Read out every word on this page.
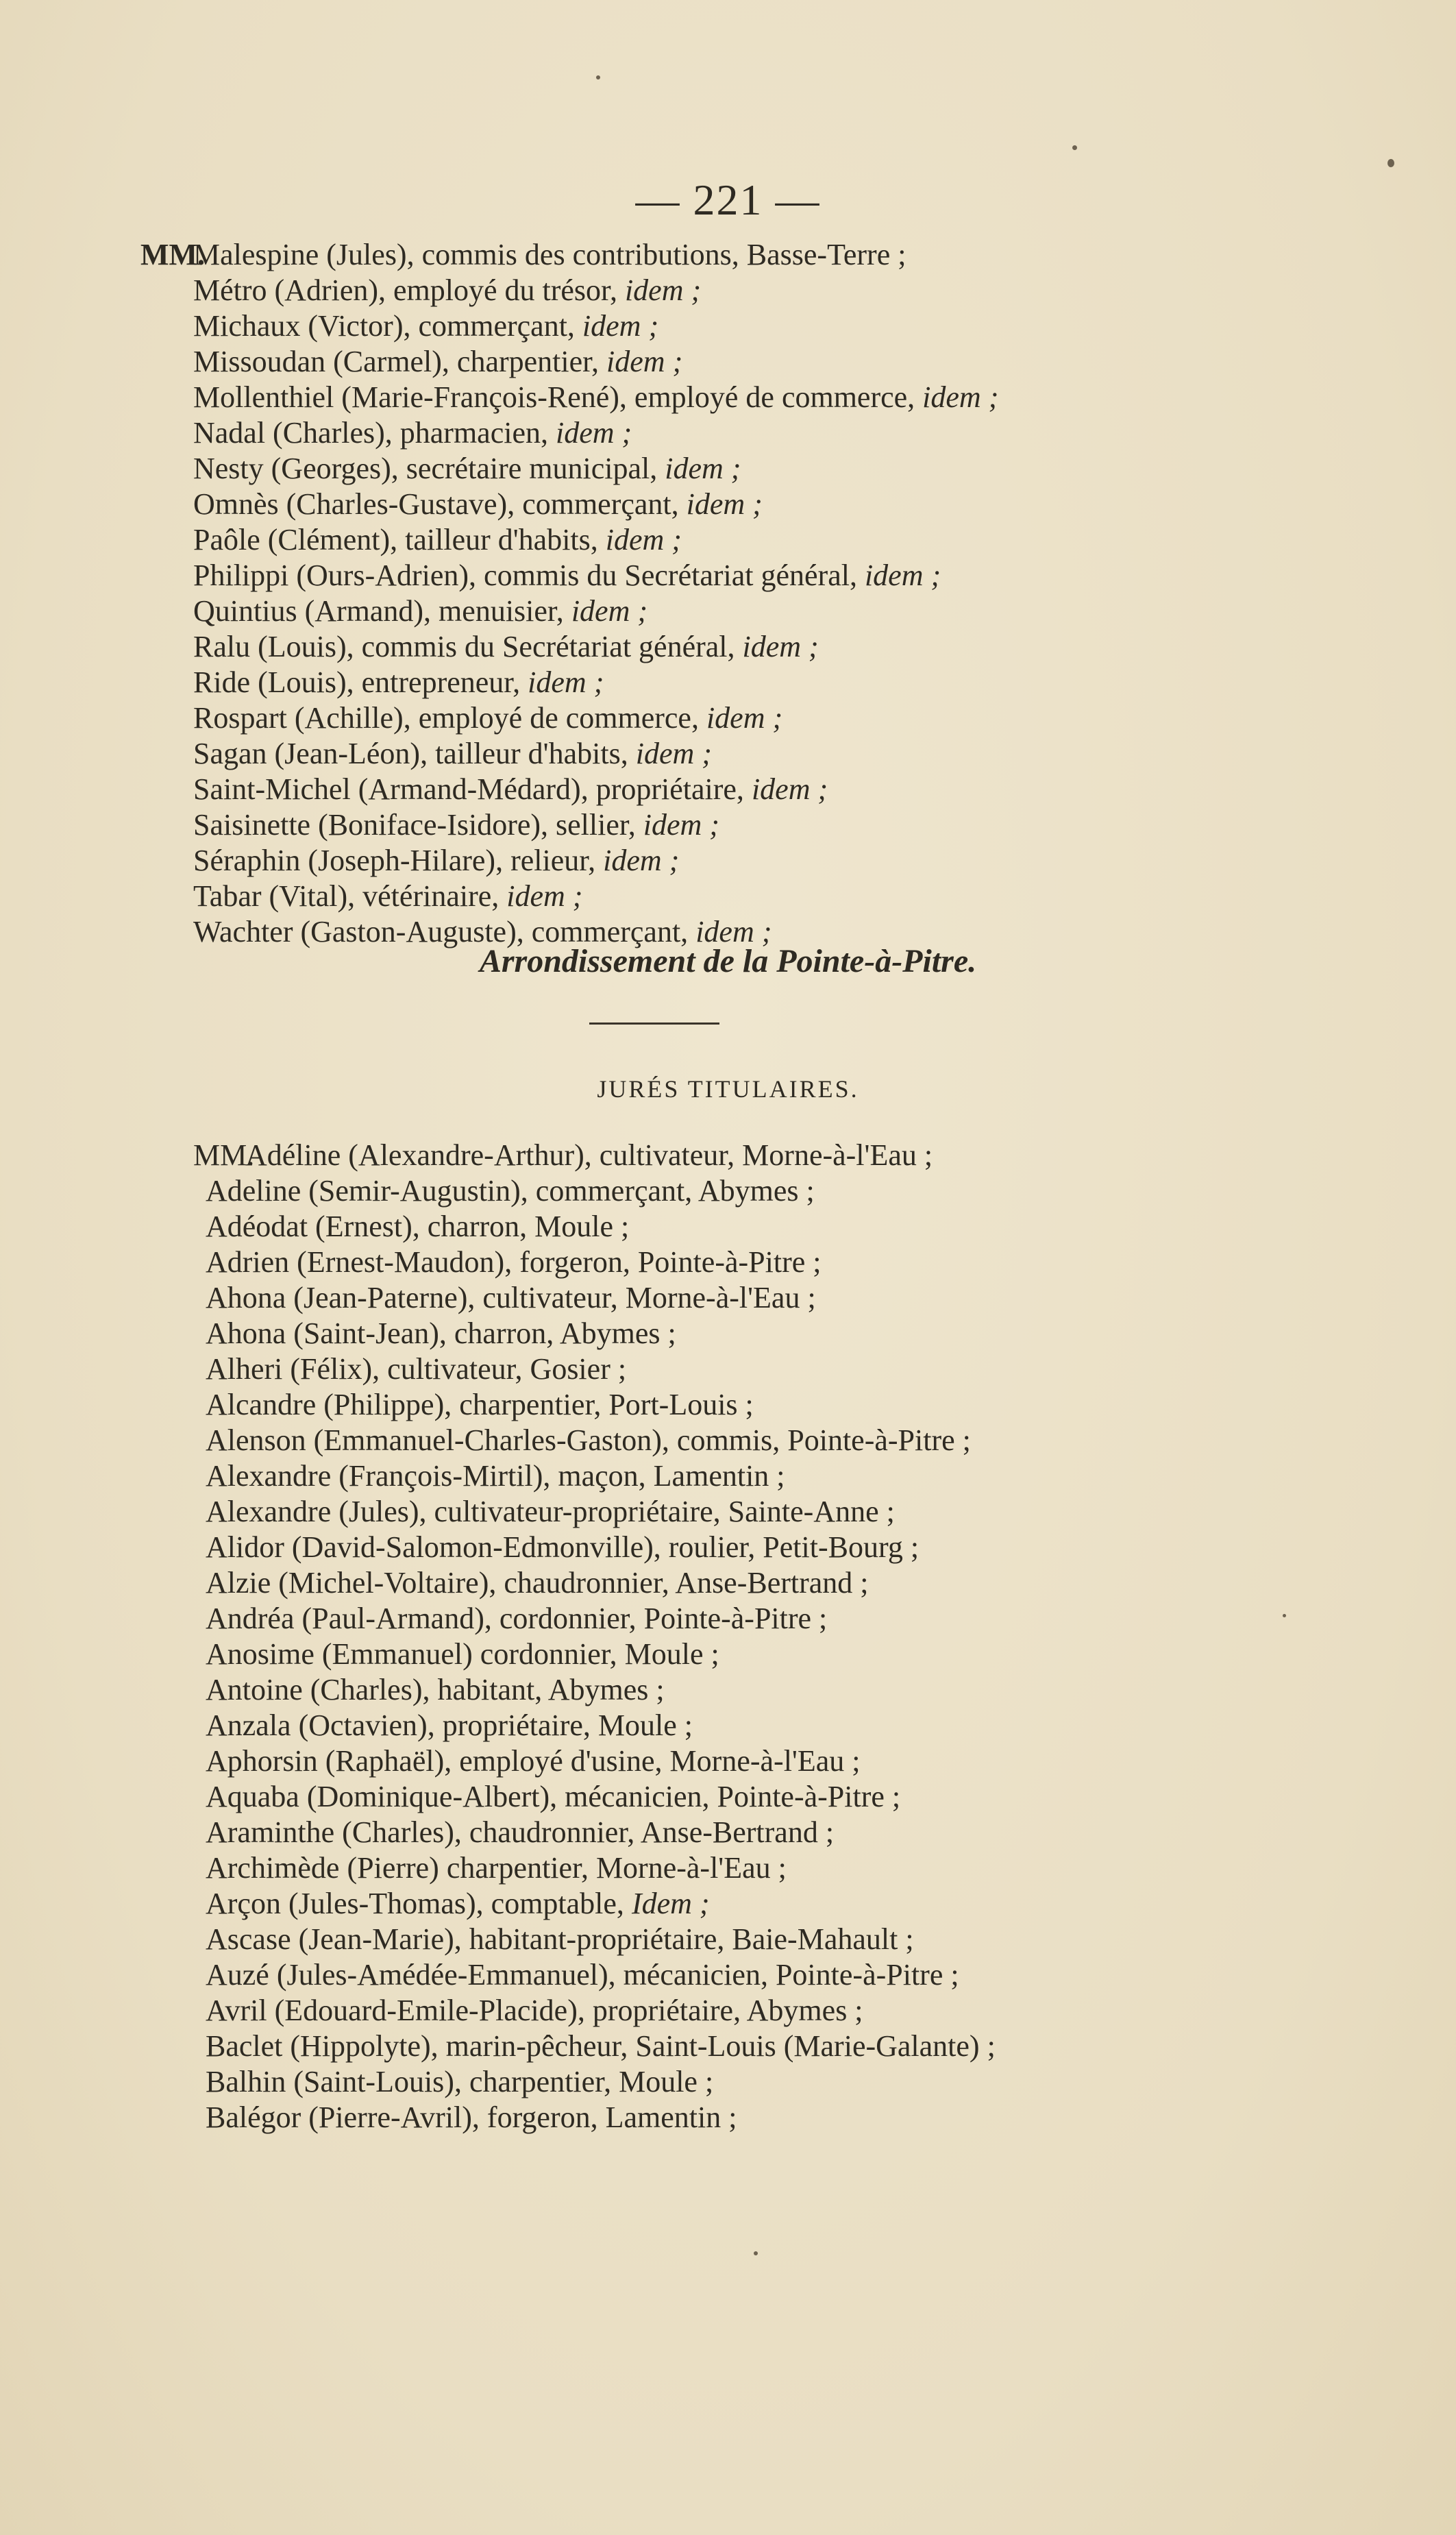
— 221 —
MM.
Malespine (Jules), commis des contributions, Basse-Terre ;
Métro (Adrien), employé du trésor, idem ;
Michaux (Victor), commerçant, idem ;
Missoudan (Carmel), charpentier, idem ;
Mollenthiel (Marie-François-René), employé de commerce, idem ;
Nadal (Charles), pharmacien, idem ;
Nesty (Georges), secrétaire municipal, idem ;
Omnès (Charles-Gustave), commerçant, idem ;
Paôle (Clément), tailleur d'habits, idem ;
Philippi (Ours-Adrien), commis du Secrétariat général, idem ;
Quintius (Armand), menuisier, idem ;
Ralu (Louis), commis du Secrétariat général, idem ;
Ride (Louis), entrepreneur, idem ;
Rospart (Achille), employé de commerce, idem ;
Sagan (Jean-Léon), tailleur d'habits, idem ;
Saint-Michel (Armand-Médard), propriétaire, idem ;
Saisinette (Boniface-Isidore), sellier, idem ;
Séraphin (Joseph-Hilare), relieur, idem ;
Tabar (Vital), vétérinaire, idem ;
Wachter (Gaston-Auguste), commerçant, idem ;
Arrondissement de la Pointe-à-Pitre.
JURÉS TITULAIRES.
MM.
Adéline (Alexandre-Arthur), cultivateur, Morne-à-l'Eau ;
Adeline (Semir-Augustin), commerçant, Abymes ;
Adéodat (Ernest), charron, Moule ;
Adrien (Ernest-Maudon), forgeron, Pointe-à-Pitre ;
Ahona (Jean-Paterne), cultivateur, Morne-à-l'Eau ;
Ahona (Saint-Jean), charron, Abymes ;
Alheri (Félix), cultivateur, Gosier ;
Alcandre (Philippe), charpentier, Port-Louis ;
Alenson (Emmanuel-Charles-Gaston), commis, Pointe-à-Pitre ;
Alexandre (François-Mirtil), maçon, Lamentin ;
Alexandre (Jules), cultivateur-propriétaire, Sainte-Anne ;
Alidor (David-Salomon-Edmonville), roulier, Petit-Bourg ;
Alzie (Michel-Voltaire), chaudronnier, Anse-Bertrand ;
Andréa (Paul-Armand), cordonnier, Pointe-à-Pitre ;
Anosime (Emmanuel) cordonnier, Moule ;
Antoine (Charles), habitant, Abymes ;
Anzala (Octavien), propriétaire, Moule ;
Aphorsin (Raphaël), employé d'usine, Morne-à-l'Eau ;
Aquaba (Dominique-Albert), mécanicien, Pointe-à-Pitre ;
Araminthe (Charles), chaudronnier, Anse-Bertrand ;
Archimède (Pierre) charpentier, Morne-à-l'Eau ;
Arçon (Jules-Thomas), comptable, Idem ;
Ascase (Jean-Marie), habitant-propriétaire, Baie-Mahault ;
Auzé (Jules-Amédée-Emmanuel), mécanicien, Pointe-à-Pitre ;
Avril (Edouard-Emile-Placide), propriétaire, Abymes ;
Baclet (Hippolyte), marin-pêcheur, Saint-Louis (Marie-Galante) ;
Balhin (Saint-Louis), charpentier, Moule ;
Balégor (Pierre-Avril), forgeron, Lamentin ;
